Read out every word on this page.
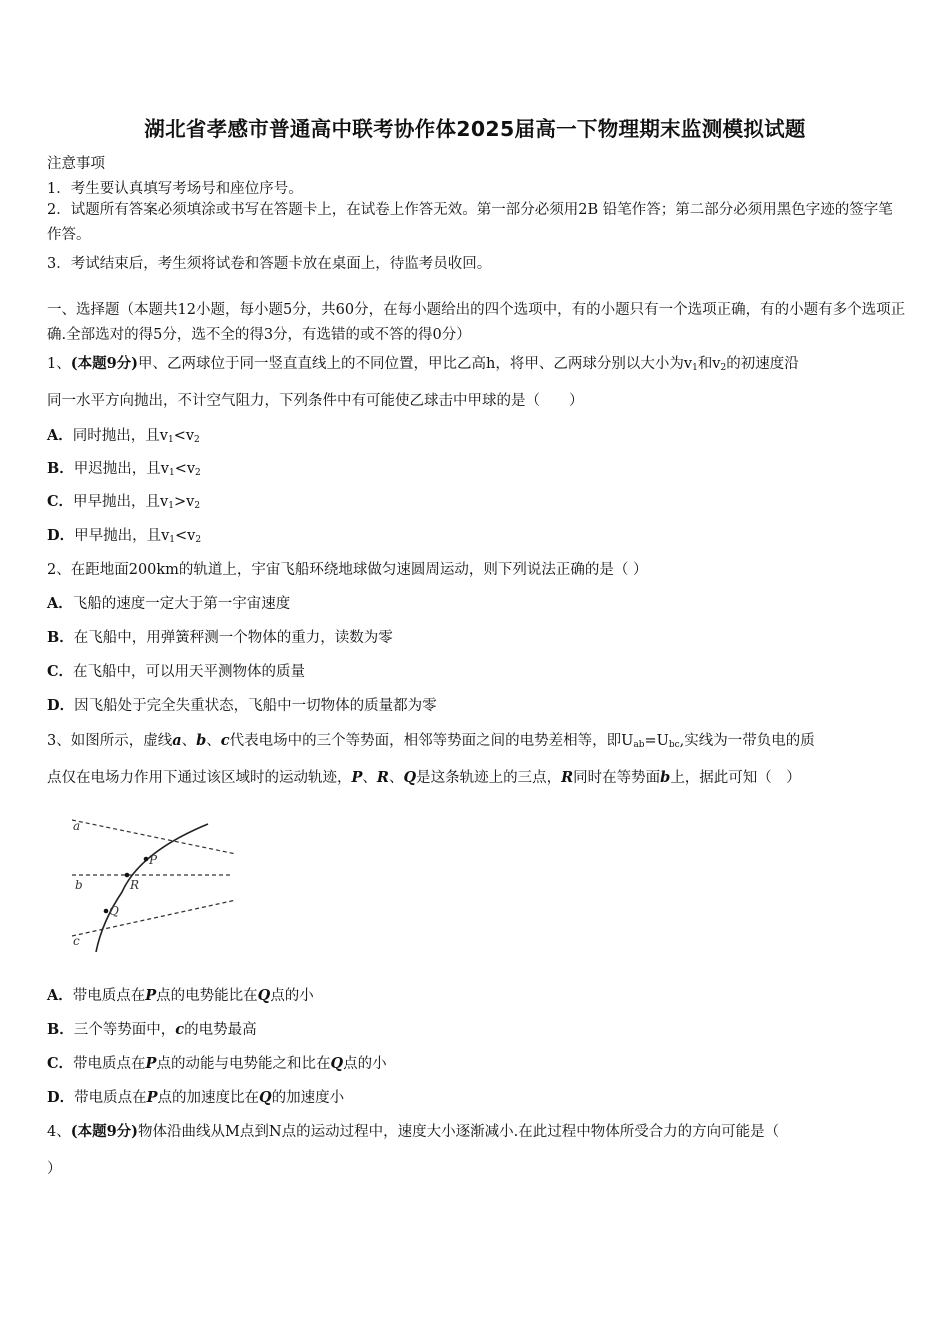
湖北省孝感市普通高中联考协作体2025届高一下物理期末监测模拟试题
注意事项
1．考生要认真填写考场号和座位序号。
2．试题所有答案必须填涂或书写在答题卡上，在试卷上作答无效。第一部分必须用2B 铅笔作答；第二部分必须用黑色字迹的签字笔作答。
3．考试结束后，考生须将试卷和答题卡放在桌面上，待监考员收回。
一、选择题（本题共12小题，每小题5分，共60分，在每小题给出的四个选项中，有的小题只有一个选项正确，有的小题有多个选项正确.全部选对的得5分，选不全的得3分，有选错的或不答的得0分）
1、(本题9分)甲、乙两球位于同一竖直直线上的不同位置，甲比乙高h，将甲、乙两球分别以大小为$v_1$和$v_2$的初速度沿
同一水平方向抛出，不计空气阻力，下列条件中有可能使乙球击中甲球的是（　　）
A．同时抛出，且$v_1<v_2$
B．甲迟抛出，且$v_1<v_2$
C．甲早抛出，且$v_1>v_2$
D．甲早抛出，且$v_1<v_2$
2、在距地面200km的轨道上，宇宙飞船环绕地球做匀速圆周运动，则下列说法正确的是（ ）
A．飞船的速度一定大于第一宇宙速度
B．在飞船中，用弹簧秤测一个物体的重力，读数为零
C．在飞船中，可以用天平测物体的质量
D．因飞船处于完全失重状态，飞船中一切物体的质量都为零
3、如图所示，虚线a、b、c代表电场中的三个等势面，相邻等势面之间的电势差相等，即$U_{ab}=U_{bc}$,实线为一带负电的质
点仅在电场力作用下通过该区域时的运动轨迹，P、R、Q是这条轨迹上的三点，R同时在等势面b上，据此可知（　）
a
b
c
P
R
Q
A．带电质点在P点的电势能比在Q点的小
B．三个等势面中，c的电势最高
C．带电质点在P点的动能与电势能之和比在Q点的小
D．带电质点在P点的加速度比在Q的加速度小
4、(本题9分)物体沿曲线从M点到N点的运动过程中，速度大小逐渐减小.在此过程中物体所受合力的方向可能是（
）
